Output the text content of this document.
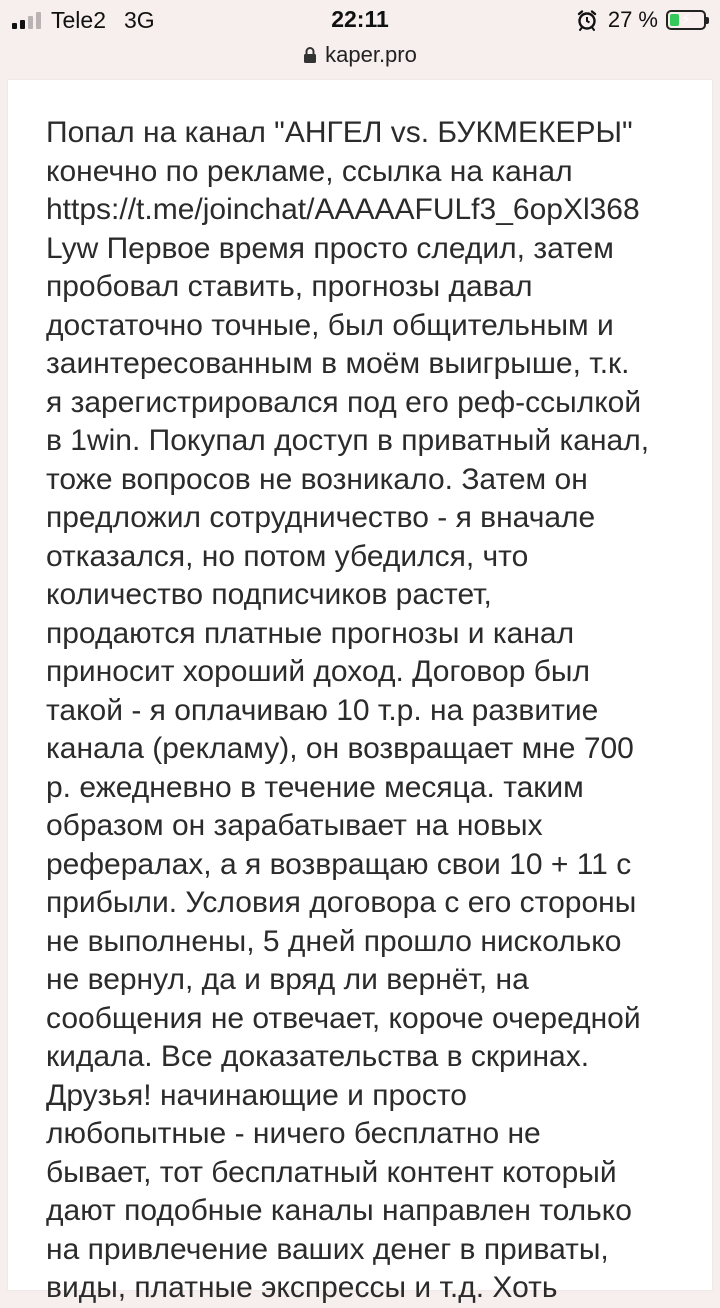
Tele2 3G	22:11	27 %	⚡
kaper.pro

Попал на канал "АНГЕЛ vs. БУКМЕКЕРЫ"
конечно по рекламе, ссылка на канал
https://t.me/joinchat/AAAAAFULf3_6opXl368
Lyw Первое время просто следил, затем
пробовал ставить, прогнозы давал
достаточно точные, был общительным и
заинтересованным в моём выигрыше, т.к.
я зарегистрировался под его реф-ссылкой
в 1win. Покупал доступ в приватный канал,
тоже вопросов не возникало. Затем он
предложил сотрудничество - я вначале
отказался, но потом убедился, что
количество подписчиков растет,
продаются платные прогнозы и канал
приносит хороший доход. Договор был
такой - я оплачиваю 10 т.р. на развитие
канала (рекламу), он возвращает мне 700
р. ежедневно в течение месяца. таким
образом он зарабатывает на новых
рефералах, а я возвращаю свои 10 + 11 с
прибыли. Условия договора с его стороны
не выполнены, 5 дней прошло нисколько
не вернул, да и вряд ли вернёт, на
сообщения не отвечает, короче очередной
кидала. Все доказательства в скринах.
Друзья! начинающие и просто
любопытные - ничего бесплатно не
бывает, тот бесплатный контент который
дают подобные каналы направлен только
на привлечение ваших денег в приваты,
виды, платные экспрессы и т.д. Хоть
